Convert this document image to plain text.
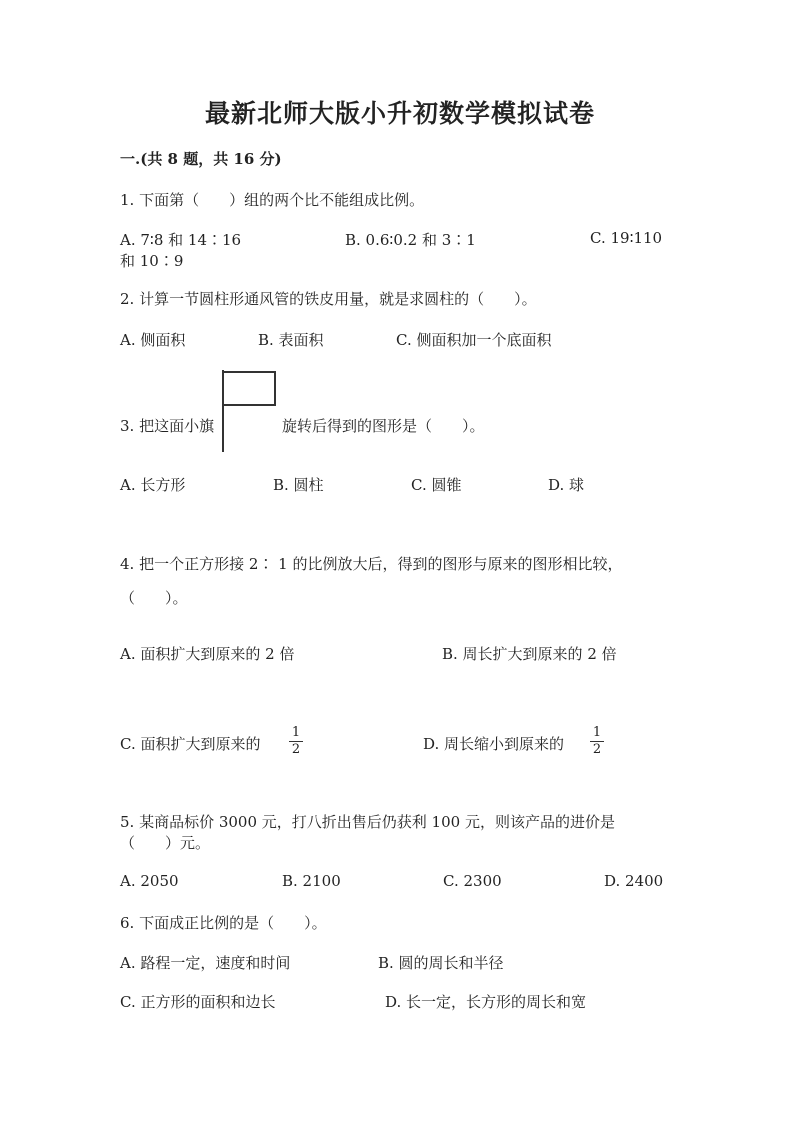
最新北师大版小升初数学模拟试卷
一.(共 8 题，共 16 分)
1. 下面第（　　）组的两个比不能组成比例。
A. 7∶8 和 14∶16	B. 0.6∶0.2 和 3∶1	C. 19∶110
和 10∶9
2. 计算一节圆柱形通风管的铁皮用量，就是求圆柱的（　　）。
A. 侧面积	B. 表面积	C. 侧面积加一个底面积
3. 把这面小旗	旋转后得到的图形是（　　）。
A. 长方形	B. 圆柱	C. 圆锥	D. 球
4. 把一个正方形接 2∶ 1 的比例放大后，得到的图形与原来的图形相比较，
（　　）。
A. 面积扩大到原来的 2 倍	B. 周长扩大到原来的 2 倍
C. 面积扩大到原来的
1
2	D. 周长缩小到原来的
1
2
5. 某商品标价 3000 元，打八折出售后仍获利 100 元，则该产品的进价是
（　　）元。
A. 2050	B. 2100	C. 2300	D. 2400
6. 下面成正比例的是（　　）。
A. 路程一定，速度和时间	B. 圆的周长和半径
C. 正方形的面积和边长	D. 长一定，长方形的周长和宽
